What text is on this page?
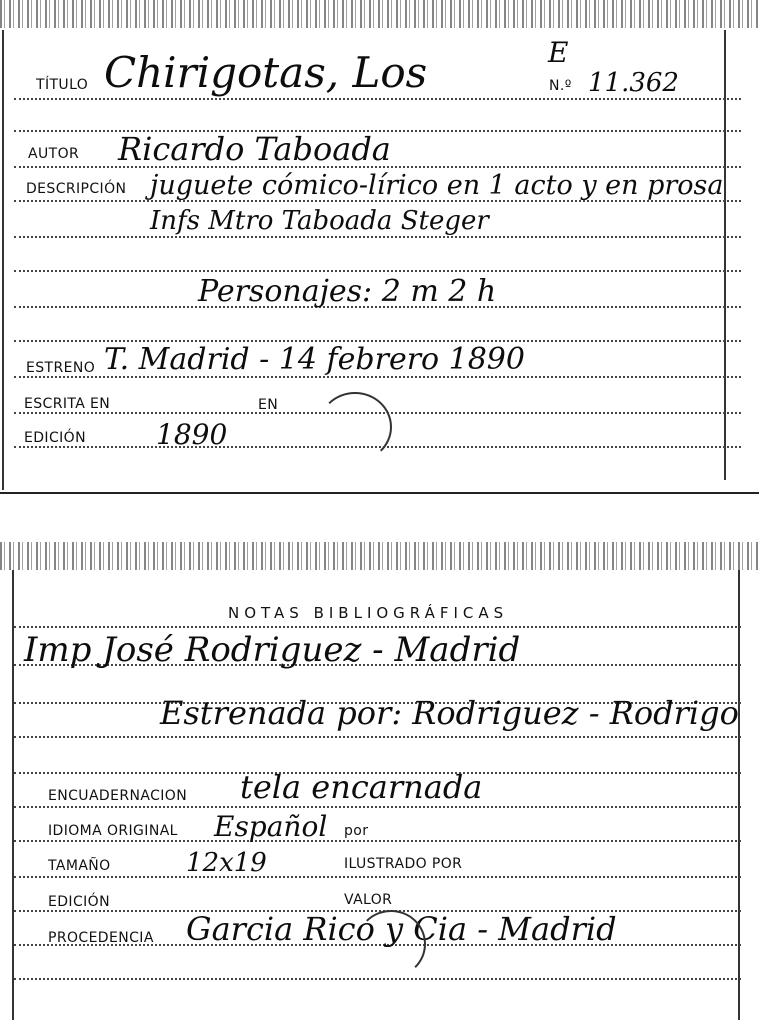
E
TÍTULO Chirigotas, Los	N.º 11.362
AUTOR Ricardo Taboada
DESCRIPCIÓN juguete cómico-lírico en 1 acto y en prosa
Infs Mtro Taboada Steger
Personajes: 2 m 2 h
ESTRENO T. Madrid - 14 febrero 1890
ESCRITA EN	EN
EDICIÓN	1890
NOTAS BIBLIOGRÁFICAS
Imp José Rodriguez - Madrid
Estrenada por: Rodriguez - Rodrigo
ENCUADERNACION tela encarnada
IDIOMA ORIGINAL Español por
TAMAÑO	12x19	ILUSTRADO POR
EDICIÓN	VALOR
PROCEDENCIA Garcia Rico y Cia - Madrid
